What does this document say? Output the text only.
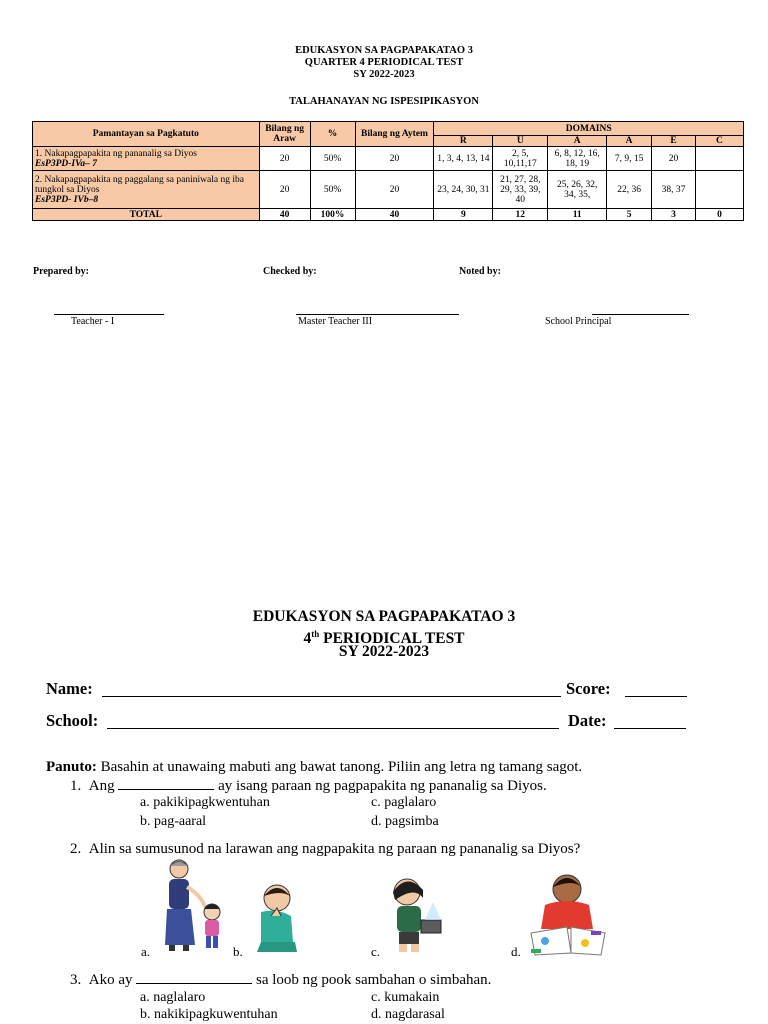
EDUKASYON SA PAGPAPAKATAO 3
QUARTER 4 PERIODICAL TEST
SY 2022-2023
TALAHANAYAN NG ISPESIPIKASYON
Pamantayan sa Pagkatuto	Bilang ng Araw	%	Bilang ng Aytem	DOMAINS					
				R	U	A	A	E	C
1. Nakapagpapakita ng pananalig sa Diyos
EsP3PD-IVa– 7	20	50%	20	1, 3, 4, 13, 14	2, 5, 10,11,17	6, 8, 12, 16, 18, 19	7, 9, 15	20	
2. Nakapagpapakita ng paggalang sa paniniwala ng iba tungkol sa Diyos
EsP3PD- IVb–8	20	50%	20	23, 24, 30, 31	21, 27, 28, 29, 33, 39, 40	25, 26, 32, 34, 35,	22, 36	38, 37	
TOTAL	40	100%	40	9	12	11	5	3	0
Prepared by:	Checked by:	Noted by:
Teacher - I	Master Teacher III	School Principal
EDUKASYON SA PAGPAPAKATAO 3
4th PERIODICAL TEST
SY 2022-2023
Name:	Score:
School:	Date:
Panuto: Basahin at unawaing mabuti ang bawat tanong. Piliin ang letra ng tamang sagot.
1. Ang	ay isang paraan ng pagpapakita ng pananalig sa Diyos.
a. pakikipagkwentuhan	c. paglalaro
b. pag-aaral	d. pagsimba
2. Alin sa sumusunod na larawan ang nagpapakita ng paraan ng pananalig sa Diyos?
a.	b.	c.	d.
3. Ako ay	sa loob ng pook sambahan o simbahan.
a. naglalaro	c. kumakain
b. nakikipagkuwentuhan	d. nagdarasal
